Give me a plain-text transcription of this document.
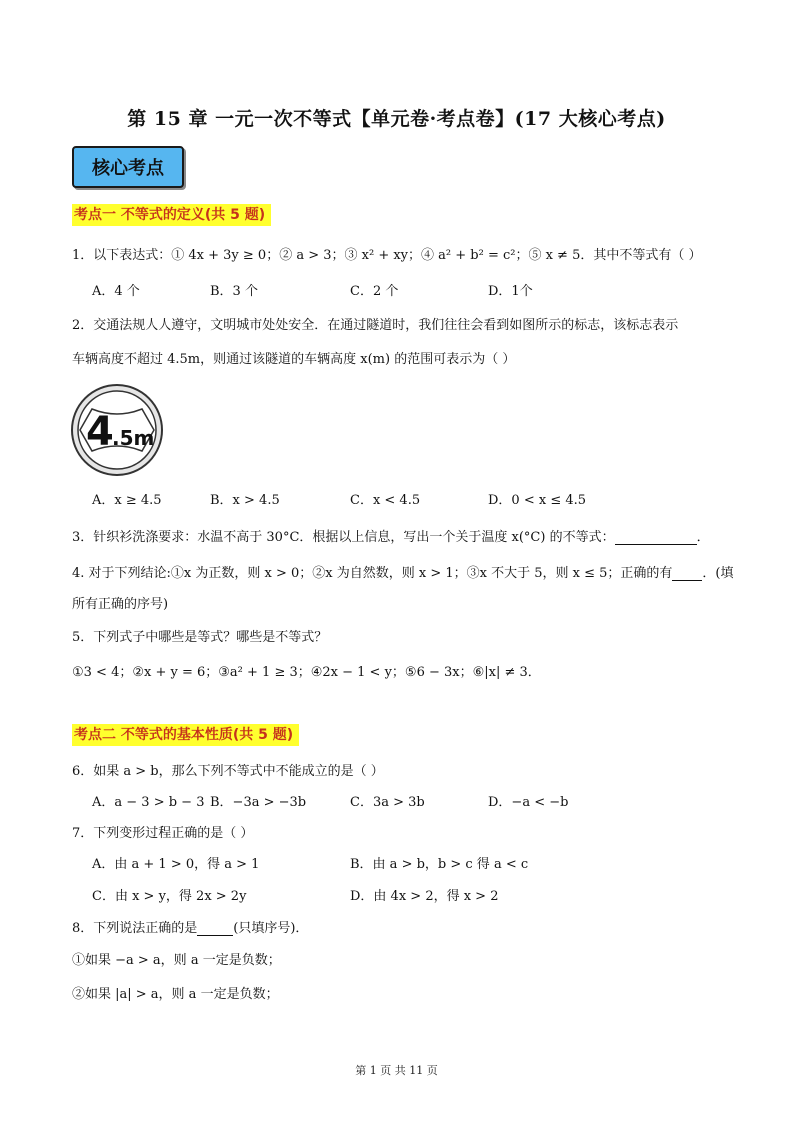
第 15 章 一元一次不等式【单元卷·考点卷】(17 大核心考点)
核心考点
考点一 不等式的定义(共 5 题)
1．以下表达式：① 4x + 3y ≥ 0；② a > 3；③ x² + xy；④ a² + b² = c²；⑤ x ≠ 5．其中不等式有（ ）
A．4 个	B．3 个	C．2 个	D．1个
2．交通法规人人遵守，文明城市处处安全．在通过隧道时，我们往往会看到如图所示的标志，该标志表示
车辆高度不超过 4.5m，则通过该隧道的车辆高度 x(m) 的范围可表示为（ ）
4
.5m
A．x ≥ 4.5	B．x > 4.5	C．x < 4.5	D．0 < x ≤ 4.5
3．针织衫洗涤要求：水温不高于 30°C．根据以上信息，写出一个关于温度 x(°C) 的不等式：	．
4. 对于下列结论:①x 为正数，则 x > 0；②x 为自然数，则 x > 1；③x 不大于 5，则 x ≤ 5；正确的有 ．(填
所有正确的序号)
5．下列式子中哪些是等式？哪些是不等式？
①3 < 4；②x + y = 6；③a² + 1 ≥ 3；④2x − 1 < y；⑤6 − 3x；⑥|x| ≠ 3．
考点二 不等式的基本性质(共 5 题)
6．如果 a > b，那么下列不等式中不能成立的是（ ）
A．a − 3 > b − 3 B．−3a > −3b	C．3a > 3b	D．−a < −b
7．下列变形过程正确的是（ ）
A．由 a + 1 > 0，得 a > 1	B．由 a > b，b > c 得 a < c
C．由 x > y，得 2x > 2y	D．由 4x > 2，得 x > 2
8．下列说法正确的是	(只填序号)．
①如果 −a > a，则 a 一定是负数；
②如果 |a| > a，则 a 一定是负数；
第 1 页 共 11 页
